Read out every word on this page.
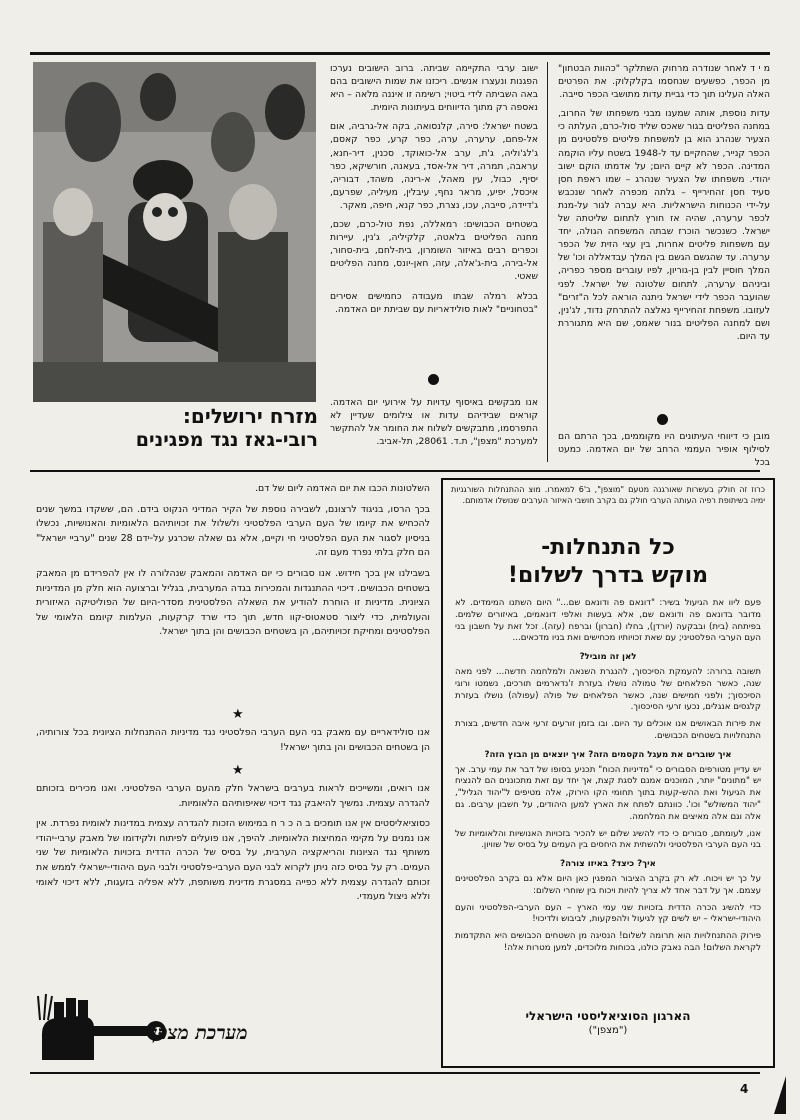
מ י ד לאחר שנודרה מרחוק השתלקר "כהוות הבטחון" מן הכפר, כפשעים שנחסמו בקלקלוק. את הפרטים האלה העלינו תוך כדי גביית עדות מתושבי הכפר סייבה.

עדות נוספת, אותה שמענו מבני משפחתו של החרוב, במחנה הפליטים בגור שאכס שליד סול-כרם, העלתה כי הצעיר שנהרג הוא בן למשפחת פליטים פלסטינים מן הכפר קנייר, שהחקיים עד ל-1948 בשטח עליו הוקמה המדינה. הכפר לא קיים היום; על אדמתו הוקם ישוב יהודי. משפחתו של הצעיר שנהרג – שמו ראפת חסן סעיד חסן זהחירייף – גלתה מכפרה לאחר שנכבש על-ידי הכנוחות הישראליות. היא עברה לגור על-מנת לכפר ערערה, שהיה אז חורץ לתחום שליטתה של ישראל. כשנכשר הוכרז שבתה המשפחה הגולה, יחד עם משפחות פליטים אחרות, בין עצי הזית של הכפר ערערה. עד שהגשם הגשם בין המלך עבדאללה וכו' של המלך חוסיין לבין בן-גוריון, לפיו עוברים מספר כפריה, וביניהם ערערה, לתחום שלטונה של ישראל. לפני שהועבר הכפר לידי ישראל ניתנה הוראה לכל ה"זרים" לעזובו. משפחת זהחירייף נאלצה להתרחק נדוד, לג'נין, ושם למחנה הפליטים בנור שאמס, שם היא מתגוררת עד היום.

מובן כי דיווחי העיתונים היו מקוממים, בכך הרתם הם לסילוף אופיר העממי הרחב של יום האדמה. כמעט בכל

ישוב ערבי התקיימה שביתה. ברוב הישובים נערכו הפגנות ונעצרו אנשים. ריכזנו את שמות הישובים בהם באה השביתה לידי ביטוי; רשימה זו איננה מלאה – היא נאספה רק מתוך הדיווחים בעיתונות היומית.

בשטח ישראל: סירה, קלנסואה, בקה אל-גרביה, אום אל-פחם, ערערה, ערה, כפר קרע, כפר קאסם, ג'לג'וליה, ג'ת, ערב אל-כואוקד, סכנין, דיר-חנא, עראבה, תמרה, דיר אל-אסד, בעאנה, חורשיקא, כפר יסיף, כבול, עין מאהל, א-רינה, משהד, דבוריה, איכסל, יפיע, מראר נחף, עיבלין, מעיליה, שפרעם, ג'דיידה, סייבה, עכו, נצרת, כפר קנא, חיפה, מאקר.

בשטחים הכבושים: רמאללה, נפת טול-כרם, שכם, מחנה הפליטים בלאטה, קלקיליה, ג'נין, עיירות וכפרים רבים באיזור השומרון, בית-לחם, בית-סחור, אל-בירה, בית-ג'אלה, עזה, חאן-יונס, מחנה הפליטים שאטי.

בכלא רמלה שבתו מעבודה כחמישים אסירים "בטחוניים" לאות סולידאריות עם שביתת יום האדמה.

אנו מבקשים באיסוף עדויות על אירועי יום האדמה. קוראים שבידיהם עדות או צילומים שעדיין לא התפרסמו, מתבקשים לשלוח את החומר אל להתקשר למערכת "מצפן", ת.ד. 28061, תל-אביב.

מזרח ירושלים:
רובי-גאז נגד מפגינים

השלטונות הכבו את יום האדמה ליום של דם.

בכך הרסו, בניגוד לרצונם, לשבירה נוספת של הקיר המדיני הנקוט בידם. הם, ששקדו במשך שנים להכחיש את קיומו של העם הערבי הפלסטיני ולשלול את זכויותיהם הלאומיות והאנושיות, נכשלו בניסיון לסגור את העם הפלסטיני חי וקיים, אלא גם שאלה שכרגע על-ידם 28 שנים "ערביי ישראל" הם חלק בלתי נפרד מעם זה.

בשבילנו אין בכך חידוש. אנו סבורים כי יום האדמה והמאבק שנהלורה לו אין להפרידם מן המאבק בשטחים הכבושים. דיכוי ההתנגדות והמכירות בגדה המערבית, בגליל וברצועה הוא חלק מן המדיניות הציונית. מדיניות זו הוחרת להודיע את השאלה הפלסטינית מסדר-היום של הפוליטיקה האיזורית והעולמית, כדי ליצור סטאטוס-קוו חדש, תוך כדי שרד קרקעות, העלמות קיומם הלאומי של הפלסטינים ומחיקת זכויותיהם, הן בשטחים הכבושים והן בתוך ישראל.

★

אנו סולידאריים עם מאבק בני העם הערבי הפלסטיני נגד מדיניות ההתנחלות הציונית בכל צורותיה, הן בשטחים הכבושים והן בתוך ישראל!

★

אנו רואים, ומשייכים לראות בערבים בישראל חלק מהעם הערבי הפלסטיני. ואנו מכירים בזכותם להגדרה עצמית. נמשיך להיאבק נגד דיכוי שאיפותיהם הלאומיות.

כסוציאליסטים אין אנו תומכים ב ה כ ר ח במימוש הזכות להגדרה עצמית במדינות לאומית נפרדת. אין אנו נמנים על מקימי המחיצות הלאומיות. להיפך, אנו פועלים לפיתוח ולקידומו של מאבק ערבי-יהודי משותף נגד הציונות והריאקציה הערבית, על בסיס של הכרה הדדית בזכויות הלאומיות של שני העמים. רק על בסיס כזה ניתן לקרוא לבני העם הערבי-פלסטיני ולבני העם היהודי-ישראלי לממש את זכותם להגדרה עצמית ללא כפייה במסגרת מדינית משותפת, ללא אפליה בזעגות, ללא דיכוי לאומי וללא ניצול מעמדי.

מערכת מצפן
כרוז זה חולק בעשרות שאורגנה מטעם "מוצפן", ב'6 למאמרו. מוצ ההתנחלות השורגניות ימיה בשיתופת רפיה העותה הערבי חולק גם בקרב חושבי האיזור הערבים שנושלו אדמותם.
כל התנחלות-
מוקש בדרך לשלום!

פעם ליוו את הגיעול בשיר: "דונאם פה ודונאם שם..." היום השתנו המימדים. לא מדובר בדונאם פה ודונאם שם, אלא בעשות ואלפי דונאמים, באיזורים שלמים. בפיתחה (בית) ובבקעה (יורדן), בחלו (חברון) וברפח (עזה). זכל זאת על חשבון בני העם הערבי הפלסטיני; עם שאת זכויותיו מכחישים ואת בניו מדכאים...

לאן זה מוביל?

תשובה ברורה: להעמקת הסיכסוך, להנגרת השנאה ולמלחמה חדשה... לפני מאה שנה, כאשר הפלאחים של טמולה נושלו בעזרת ז'נדארמים תורכים, נשמטו ורוגי הסיכסוך; ולפני חמישים שנה, כאשר הפלאחים של פולה (עפולה) נושלו בעזרת קלגסים אנגלים, נכעו זרעי הסיכסוך.

את פירות הבאושים אנו אוכלים עד היום. ובו בזמן זורעים זרעי איבה חדשים, בצורת התנחלויות בשטחים הכבושים.

איך שוברים את מעגל הקסמים הזה? איך יוצאים מן הבוץ הזה?

יש עדיין מטורפים הסבורים כי "מדיניות הכוח" תכניע בסופו של דבר את עמי ערב. אך יש "מתונים" יותר, המוכנים אמנם לסגת קצת, אך יחד עם זאת מתכוננים הם להנציח את הגיעול ואת ההש-קעות בתוך תחומי הקו הירוק, אלה מטיפים ל"יהוד הגליל", "יהוד המשולש" וכו'. כוונתם לפתח את הארץ למען היהודים, על חשבון ערבים. גם אלה וגם אלה מאיצים את המלחמה.

אנו, לעומתם, סבורים כי כדי להשיג שלום יש להכיר בזכויות האנושיות והלאומיות של בני העם הערבי הפלסטיני ולהשתית את היחסים בין העמים על בסיס של שוויון.

איך? כיצד? באיזו צורה?

על כך יש ויכוח. לא רק בקרב הציבור המפגין כאן היום אלא גם בקרב הפלסטינים עצמם. אך על דבר אחד לא צריך להיות ויכוח בין שוחרי השלום:

כדי להשיג הכרה הדדית בזכויות שני עמי הארץ – העם הערבי-הפלסטיני והעם היהודי-ישראלי – יש לשים קץ לגיעול ולהפקעות, לביבוש ולדיכוי!

פירוק ההתנחלויות הוא תרומה לשלום! הנסיגה מן השטחים הכבושים היא התקדמות לקראת השלום! הבה נאבק כולנו, בכוחות מלוכדים, למען מטרות אלה!

הארגון הסוציאליסטי הישראלי
("מצפן")
4
